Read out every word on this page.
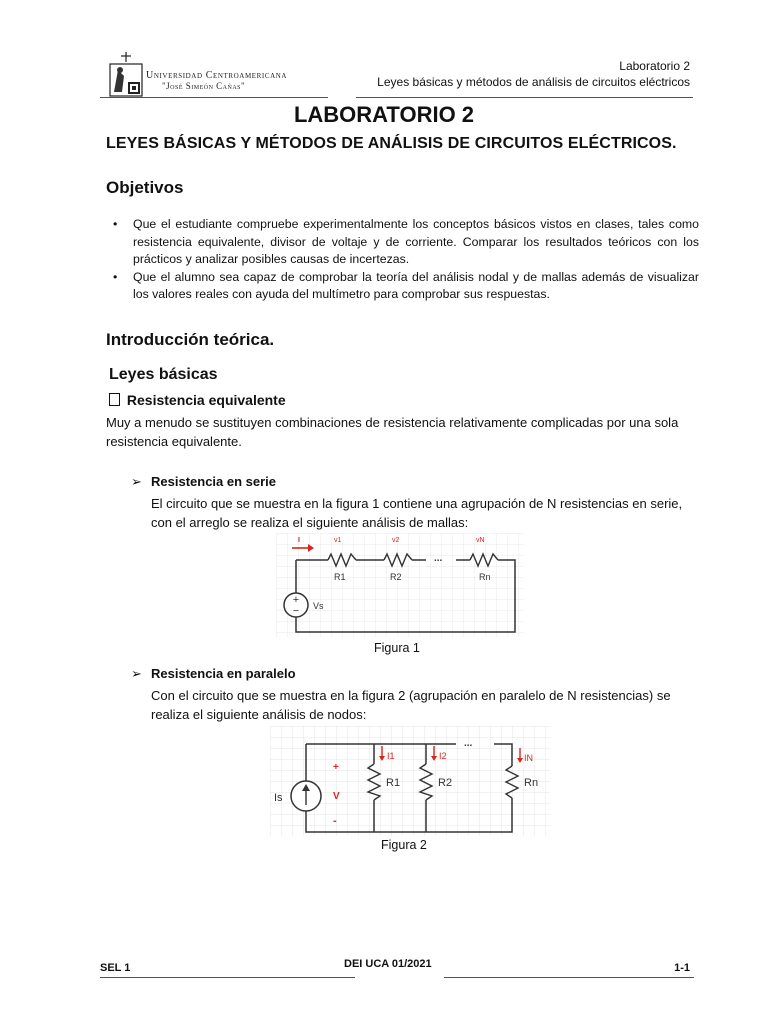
Universidad Centroamericana
"José Simeón Cañas"
Laboratorio 2
Leyes básicas y métodos de análisis de circuitos eléctricos
LABORATORIO 2
LEYES BÁSICAS Y MÉTODOS DE ANÁLISIS DE CIRCUITOS ELÉCTRICOS.
Objetivos
• Que el estudiante compruebe experimentalmente los conceptos básicos vistos en clases, tales como resistencia equivalente, divisor de voltaje y de corriente. Comparar los resultados teóricos con los prácticos y analizar posibles causas de incertezas.
• Que el alumno sea capaz de comprobar la teoría del análisis nodal y de mallas además de visualizar los valores reales con ayuda del multímetro para comprobar sus respuestas.
Introducción teórica.
Leyes básicas
Resistencia equivalente
Muy a menudo se sustituyen combinaciones de resistencia relativamente complicadas por una sola resistencia equivalente.
➢ Resistencia en serie
El circuito que se muestra en la figura 1 contiene una agrupación de N resistencias en serie, con el arreglo se realiza el siguiente análisis de mallas:
+
−
I	v1	v2	vN
R1	R2	Rn
...
Vs
Figura 1
➢ Resistencia en paralelo
Con el circuito que se muestra en la figura 2 (agrupación en paralelo de N resistencias) se realiza el siguiente análisis de nodos:
I1	I2	IN
R1	R2	Rn
...
Is
+
V
-
Figura 2
SEL 1	DEI UCA 01/2021	1-1
